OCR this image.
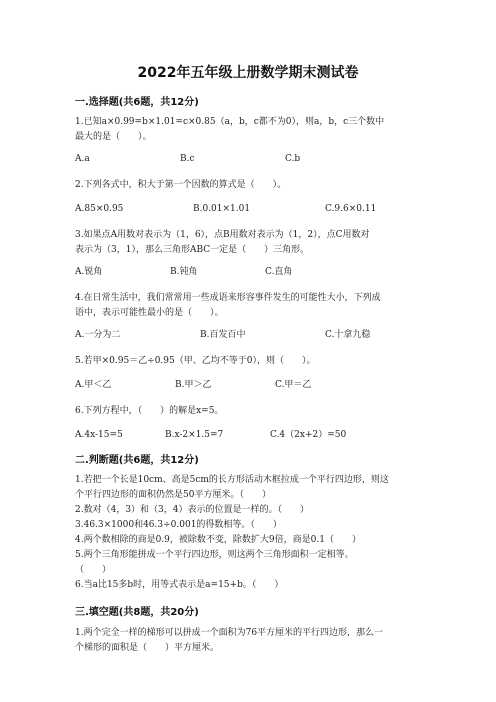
2022年五年级上册数学期末测试卷
一.选择题(共6题，共12分)
1.已知a×0.99=b×1.01=c×0.85（a，b，c都不为0），则a，b，c三个数中
最大的是（　　）。
A.a	B.c	C.b
2.下列各式中，积大于第一个因数的算式是（　　）。
A.85×0.95	B.0.01×1.01	C.9.6×0.11
3.如果点A用数对表示为（1，6），点B用数对表示为（1，2），点C用数对
表示为（3，1），那么三角形ABC一定是（　　）三角形。
A.锐角	B.钝角	C.直角
4.在日常生活中，我们常常用一些成语来形容事件发生的可能性大小，下列成
语中，表示可能性最小的是（　　）。
A.一分为二	B.百发百中	C.十拿九稳
5.若甲×0.95＝乙÷0.95（甲、乙均不等于0），则（　　）。
A.甲＜乙	B.甲＞乙	C.甲＝乙
6.下列方程中，（　　）的解是x=5。
A.4x-15=5	B.x-2×1.5=7	C.4（2x+2）=50
二.判断题(共6题，共12分)
1.若把一个长是10cm、高是5cm的长方形活动木框拉成一个平行四边形，则这
个平行四边形的面积仍然是50平方厘米。（　　）
2.数对（4，3）和（3，4）表示的位置是一样的。（　　）
3.46.3×1000和46.3÷0.001的得数相等。（　　）
4.两个数相除的商是0.9，被除数不变，除数扩大9倍，商是0.1（　　）
5.两个三角形能拼成一个平行四边形，则这两个三角形面积一定相等。
（　　）
6.当a比15多b时，用等式表示是a=15+b。（　　）
三.填空题(共8题，共20分)
1.两个完全一样的梯形可以拼成一个面积为76平方厘米的平行四边形，那么一
个梯形的面积是（　　）平方厘米。
